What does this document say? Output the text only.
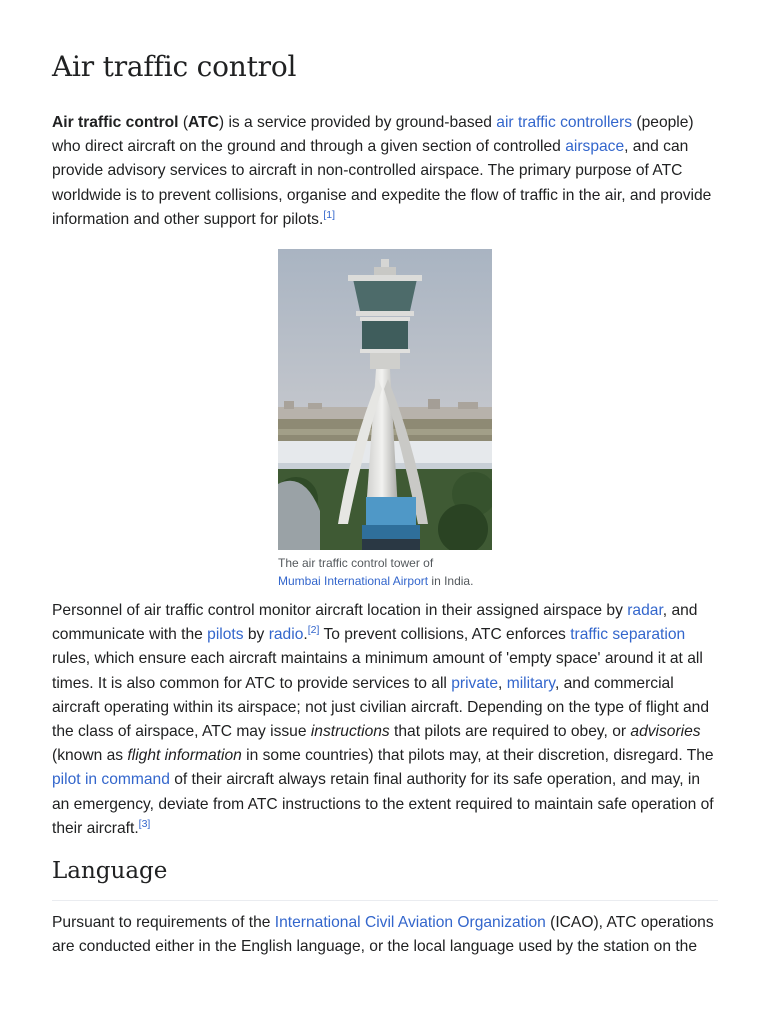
Air traffic control

Air traffic control (ATC) is a service provided by ground-based air traffic controllers (people) who direct aircraft on the ground and through a given section of controlled airspace, and can provide advisory services to aircraft in non-controlled airspace. The primary purpose of ATC worldwide is to prevent collisions, organise and expedite the flow of traffic in the air, and provide information and other support for pilots.[1]

The air traffic control tower of
Mumbai International Airport in India.

Personnel of air traffic control monitor aircraft location in their assigned airspace by radar, and communicate with the pilots by radio.[2] To prevent collisions, ATC enforces traffic separation rules, which ensure each aircraft maintains a minimum amount of 'empty space' around it at all times. It is also common for ATC to provide services to all private, military, and commercial aircraft operating within its airspace; not just civilian aircraft. Depending on the type of flight and the class of airspace, ATC may issue instructions that pilots are required to obey, or advisories (known as flight information in some countries) that pilots may, at their discretion, disregard. The pilot in command of their aircraft always retain final authority for its safe operation, and may, in an emergency, deviate from ATC instructions to the extent required to maintain safe operation of their aircraft.[3]

Language

Pursuant to requirements of the International Civil Aviation Organization (ICAO), ATC operations are conducted either in the English language, or the local language used by the station on the
